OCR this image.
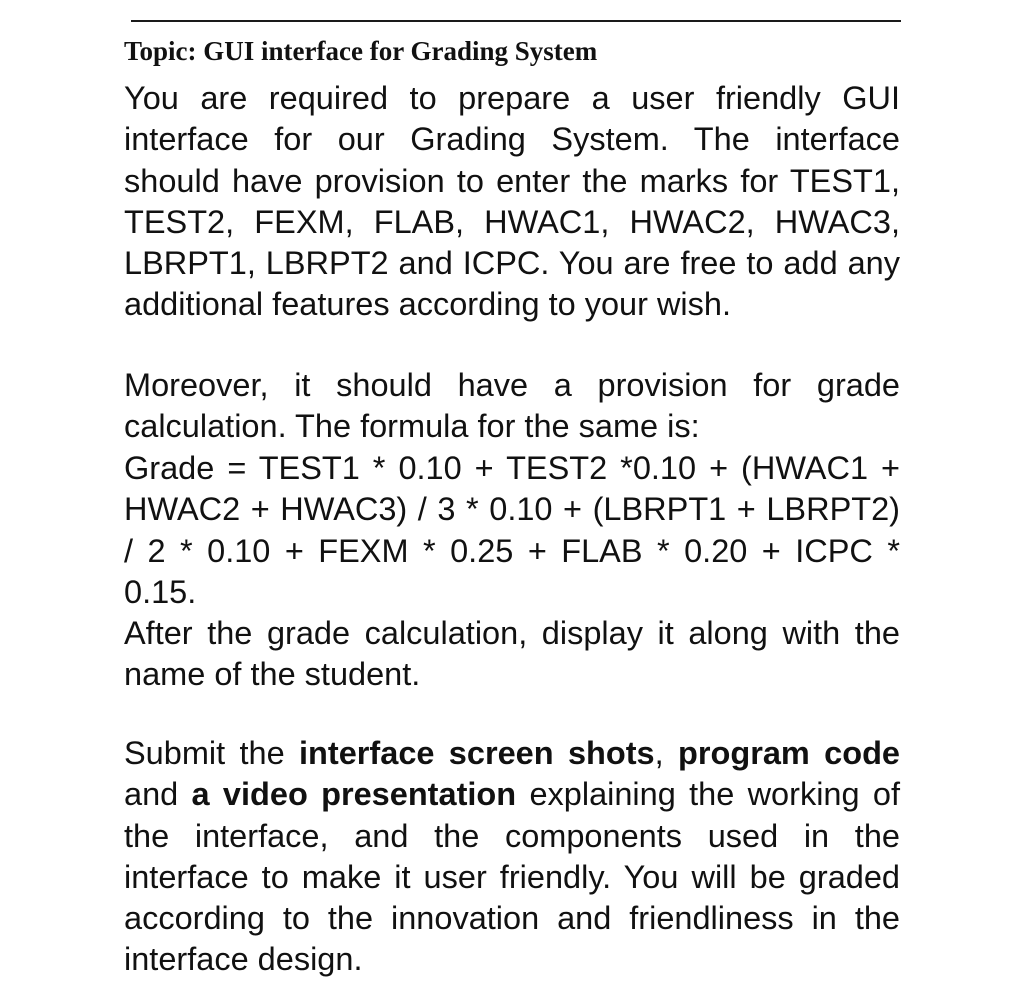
Topic: GUI interface for Grading System
You are required to prepare a user friendly GUI interface for our Grading System. The interface should have provision to enter the marks for TEST1, TEST2, FEXM, FLAB, HWAC1, HWAC2, HWAC3, LBRPT1, LBRPT2 and ICPC. You are free to add any additional features according to your wish.
Moreover, it should have a provision for grade calculation. The formula for the same is:
Grade = TEST1 * 0.10 + TEST2 *0.10 + (HWAC1 + HWAC2 + HWAC3) / 3 * 0.10 + (LBRPT1 + LBRPT2) / 2 * 0.10 + FEXM * 0.25 + FLAB * 0.20 + ICPC * 0.15.
After the grade calculation, display it along with the name of the student.
Submit the interface screen shots, program code and a video presentation explaining the working of the interface, and the components used in the interface to make it user friendly. You will be graded according to the innovation and friendliness in the interface design.
